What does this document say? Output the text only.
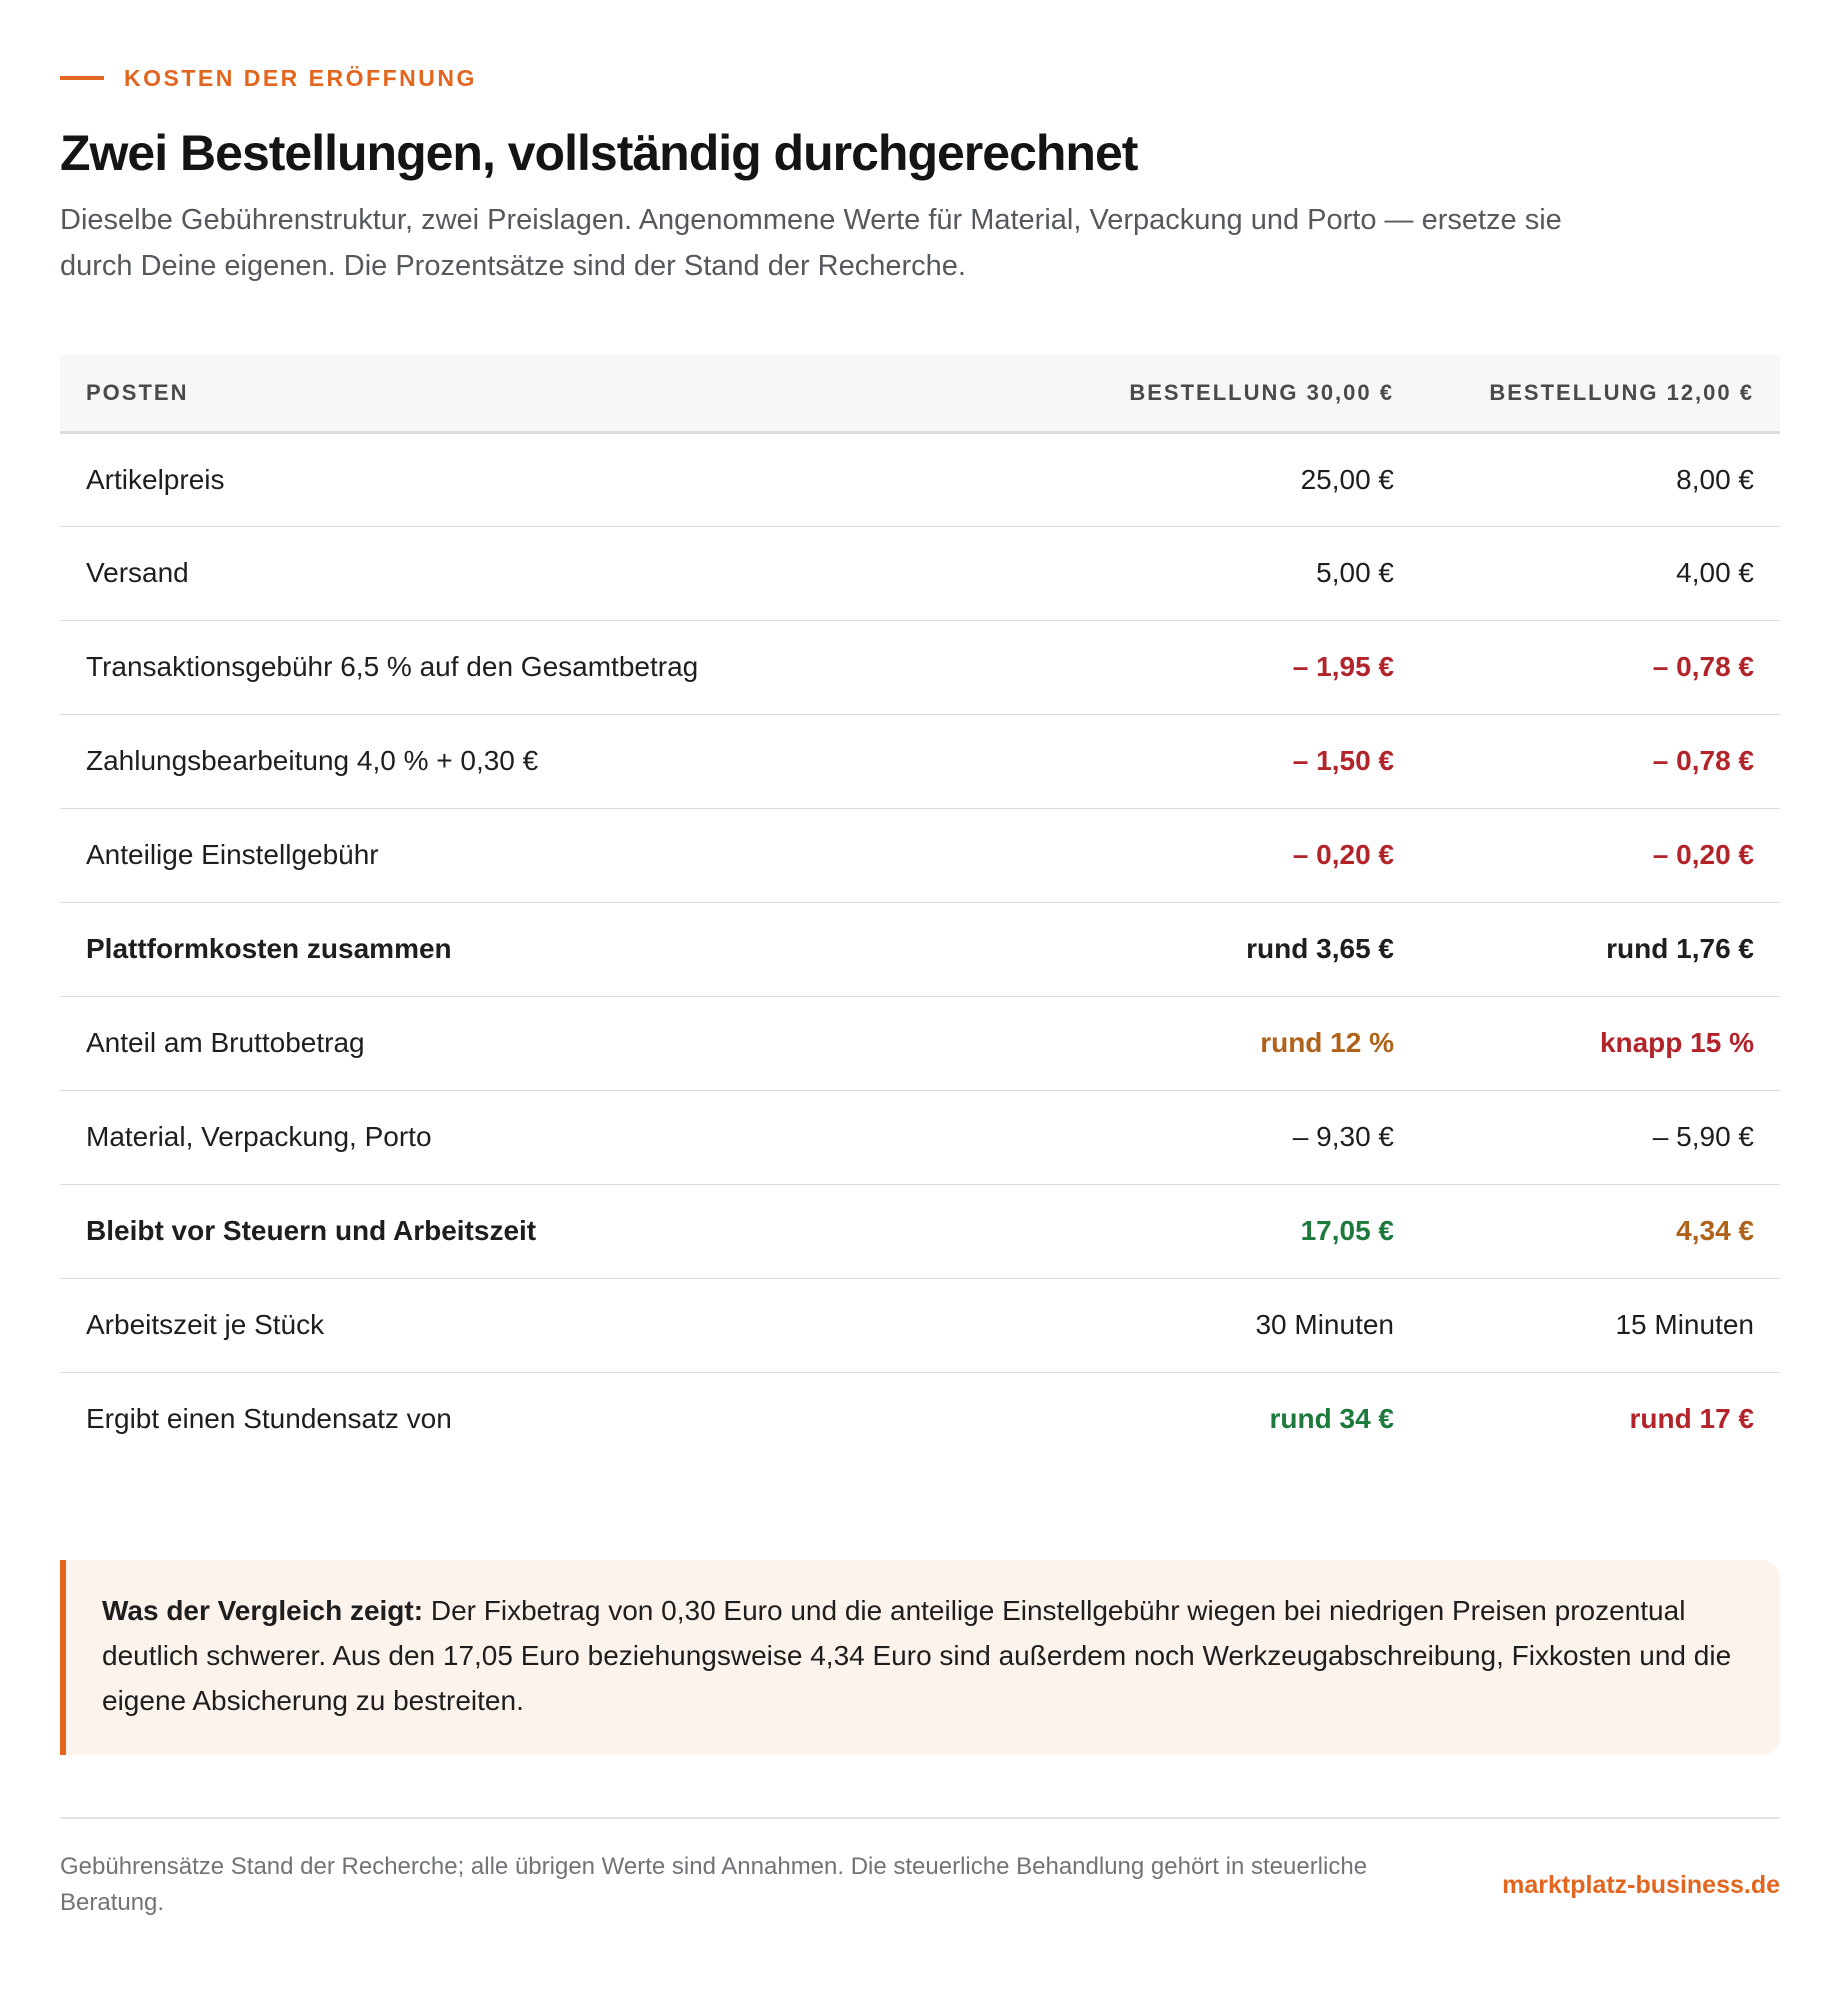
KOSTEN DER ERÖFFNUNG
Zwei Bestellungen, vollständig durchgerechnet

Dieselbe Gebührenstruktur, zwei Preislagen. Angenommene Werte für Material, Verpackung und Porto — ersetze sie durch Deine eigenen. Die Prozentsätze sind der Stand der Recherche.

POSTEN	BESTELLUNG 30,00 €	BESTELLUNG 12,00 €
Artikelpreis	25,00 €	8,00 €
Versand	5,00 €	4,00 €
Transaktionsgebühr 6,5 % auf den Gesamtbetrag	– 1,95 €	– 0,78 €
Zahlungsbearbeitung 4,0 % + 0,30 €	– 1,50 €	– 0,78 €
Anteilige Einstellgebühr	– 0,20 €	– 0,20 €
Plattformkosten zusammen	rund 3,65 €	rund 1,76 €
Anteil am Bruttobetrag	rund 12 %	knapp 15 %
Material, Verpackung, Porto	– 9,30 €	– 5,90 €
Bleibt vor Steuern und Arbeitszeit	17,05 €	4,34 €
Arbeitszeit je Stück	30 Minuten	15 Minuten
Ergibt einen Stundensatz von	rund 34 €	rund 17 €
Was der Vergleich zeigt: Der Fixbetrag von 0,30 Euro und die anteilige Einstellgebühr wiegen bei niedrigen Preisen prozentual deutlich schwerer. Aus den 17,05 Euro beziehungsweise 4,34 Euro sind außerdem noch Werkzeugabschreibung, Fixkosten und die eigene Absicherung zu bestreiten.

Gebührensätze Stand der Recherche; alle übrigen Werte sind Annahmen. Die steuerliche Behandlung gehört in steuerliche Beratung.

marktplatz-business.de
